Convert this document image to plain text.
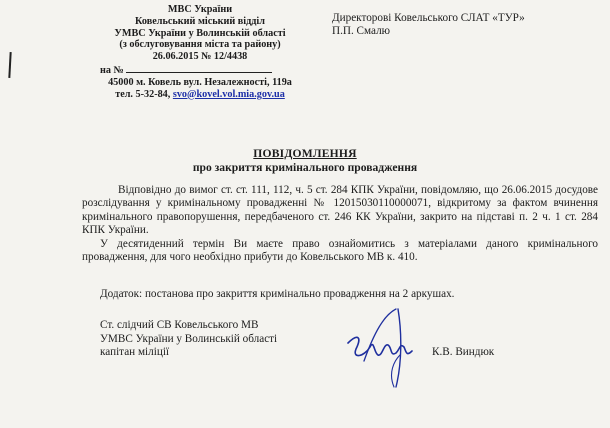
МВС України
Ковельський міський відділ
УМВС України у Волинській області
(з обслуговування міста та району)
26.06.2015 № 12/4438
на №
45000 м. Ковель вул. Незалежності, 119а
тел. 5-32-84, svo@kovel.vol.mia.gov.ua
Директорові Ковельського СЛАТ «ТУР»
П.П. Смалю
ПОВІДОМЛЕННЯ
про закриття кримінального провадження

Відповідно до вимог ст. ст. 111, 112, ч. 5 ст. 284 КПК України, повідомляю, що 26.06.2015 досудове розслідування у кримінальному провадженні № 12015030110000071, відкритому за фактом вчинення кримінального правопорушення, передбаченого ст. 246 КК України, закрито на підставі п. 2 ч. 1 ст. 284 КПК України.

У десятиденний термін Ви маєте право ознайомитись з матеріалами даного кримінального провадження, для чого необхідно прибути до Ковельського МВ к. 410.

Додаток: постанова про закриття кримінально провадження на 2 аркушах.
Ст. слідчий СВ Ковельського МВ
УМВС України у Волинській області
капітан міліції	К.В. Виндюк
